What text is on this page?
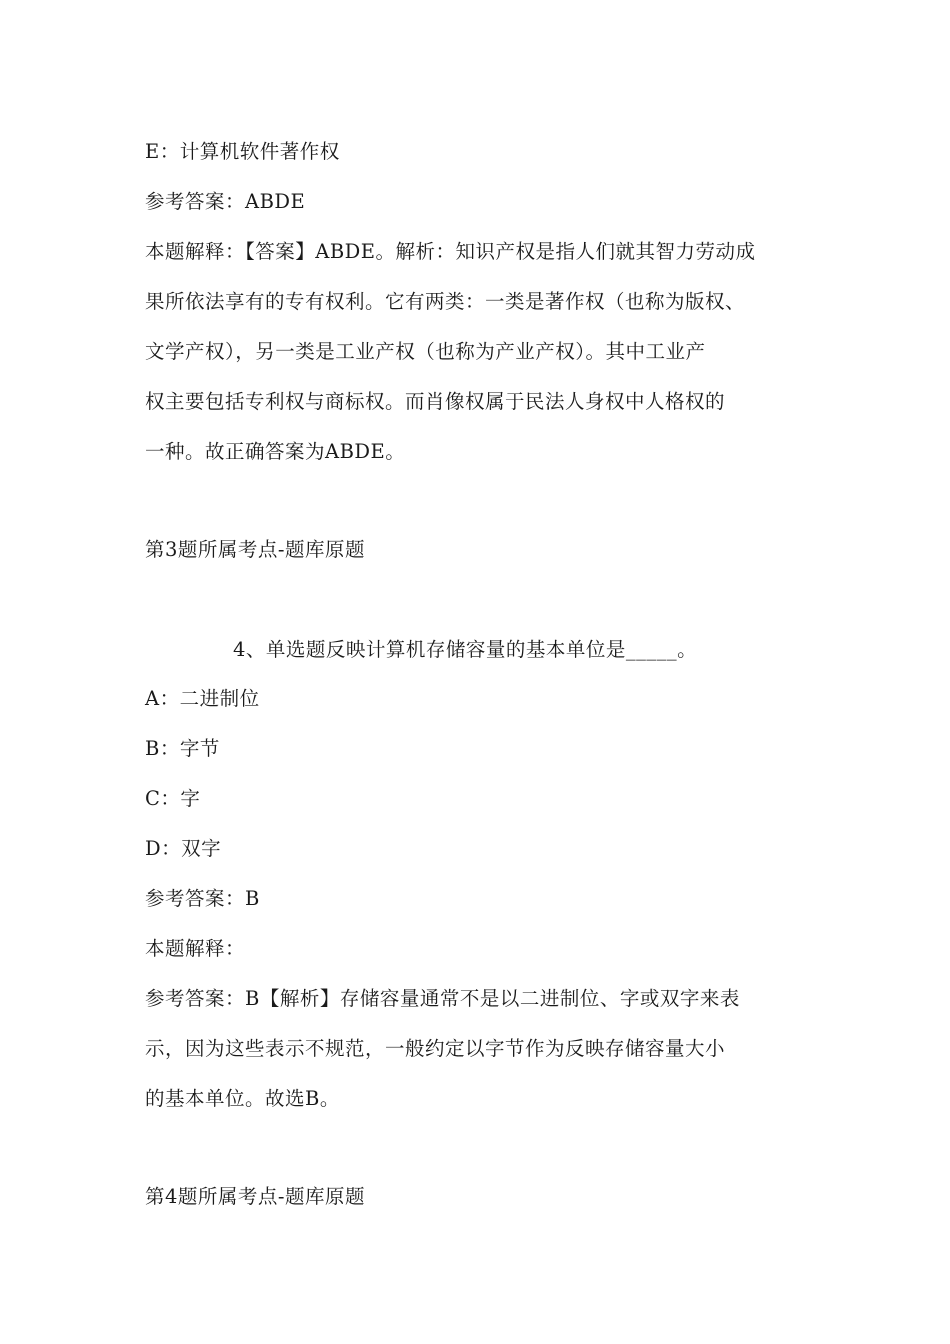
E：计算机软件著作权
参考答案：ABDE
本题解释：【答案】ABDE。解析：知识产权是指人们就其智力劳动成
果所依法享有的专有权利。它有两类：一类是著作权（也称为版权、
文学产权），另一类是工业产权（也称为产业产权）。其中工业产
权主要包括专利权与商标权。而肖像权属于民法人身权中人格权的
一种。故正确答案为ABDE。
第3题所属考点-题库原题
4、单选题反映计算机存储容量的基本单位是_____。
A：二进制位
B：字节
C：字
D：双字
参考答案：B
本题解释：
参考答案：B【解析】存储容量通常不是以二进制位、字或双字来表
示，因为这些表示不规范，一般约定以字节作为反映存储容量大小
的基本单位。故选B。
第4题所属考点-题库原题
